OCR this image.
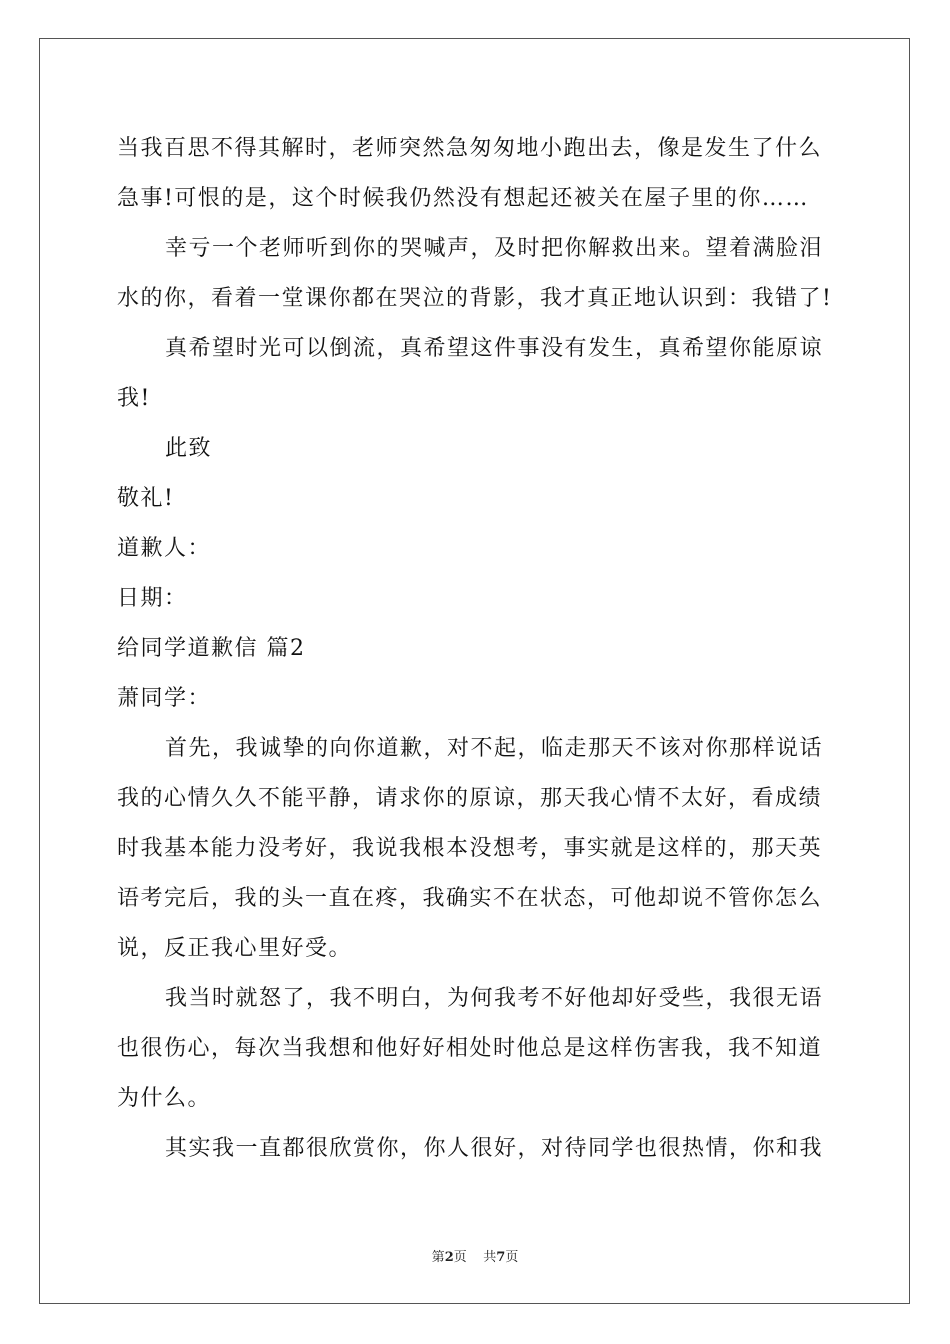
当我百思不得其解时，老师突然急匆匆地小跑出去，像是发生了什么
急事!可恨的是，这个时候我仍然没有想起还被关在屋子里的你……
幸亏一个老师听到你的哭喊声，及时把你解救出来。望着满脸泪
水的你，看着一堂课你都在哭泣的背影，我才真正地认识到：我错了!
真希望时光可以倒流，真希望这件事没有发生，真希望你能原谅
我!
此致
敬礼!
道歉人：
日期：
给同学道歉信 篇2
萧同学：
首先，我诚挚的向你道歉，对不起，临走那天不该对你那样说话
我的心情久久不能平静，请求你的原谅，那天我心情不太好，看成绩
时我基本能力没考好，我说我根本没想考，事实就是这样的，那天英
语考完后，我的头一直在疼，我确实不在状态，可他却说不管你怎么
说，反正我心里好受。
我当时就怒了，我不明白，为何我考不好他却好受些，我很无语
也很伤心，每次当我想和他好好相处时他总是这样伤害我，我不知道
为什么。
其实我一直都很欣赏你，你人很好，对待同学也很热情，你和我
第2页    共7页
